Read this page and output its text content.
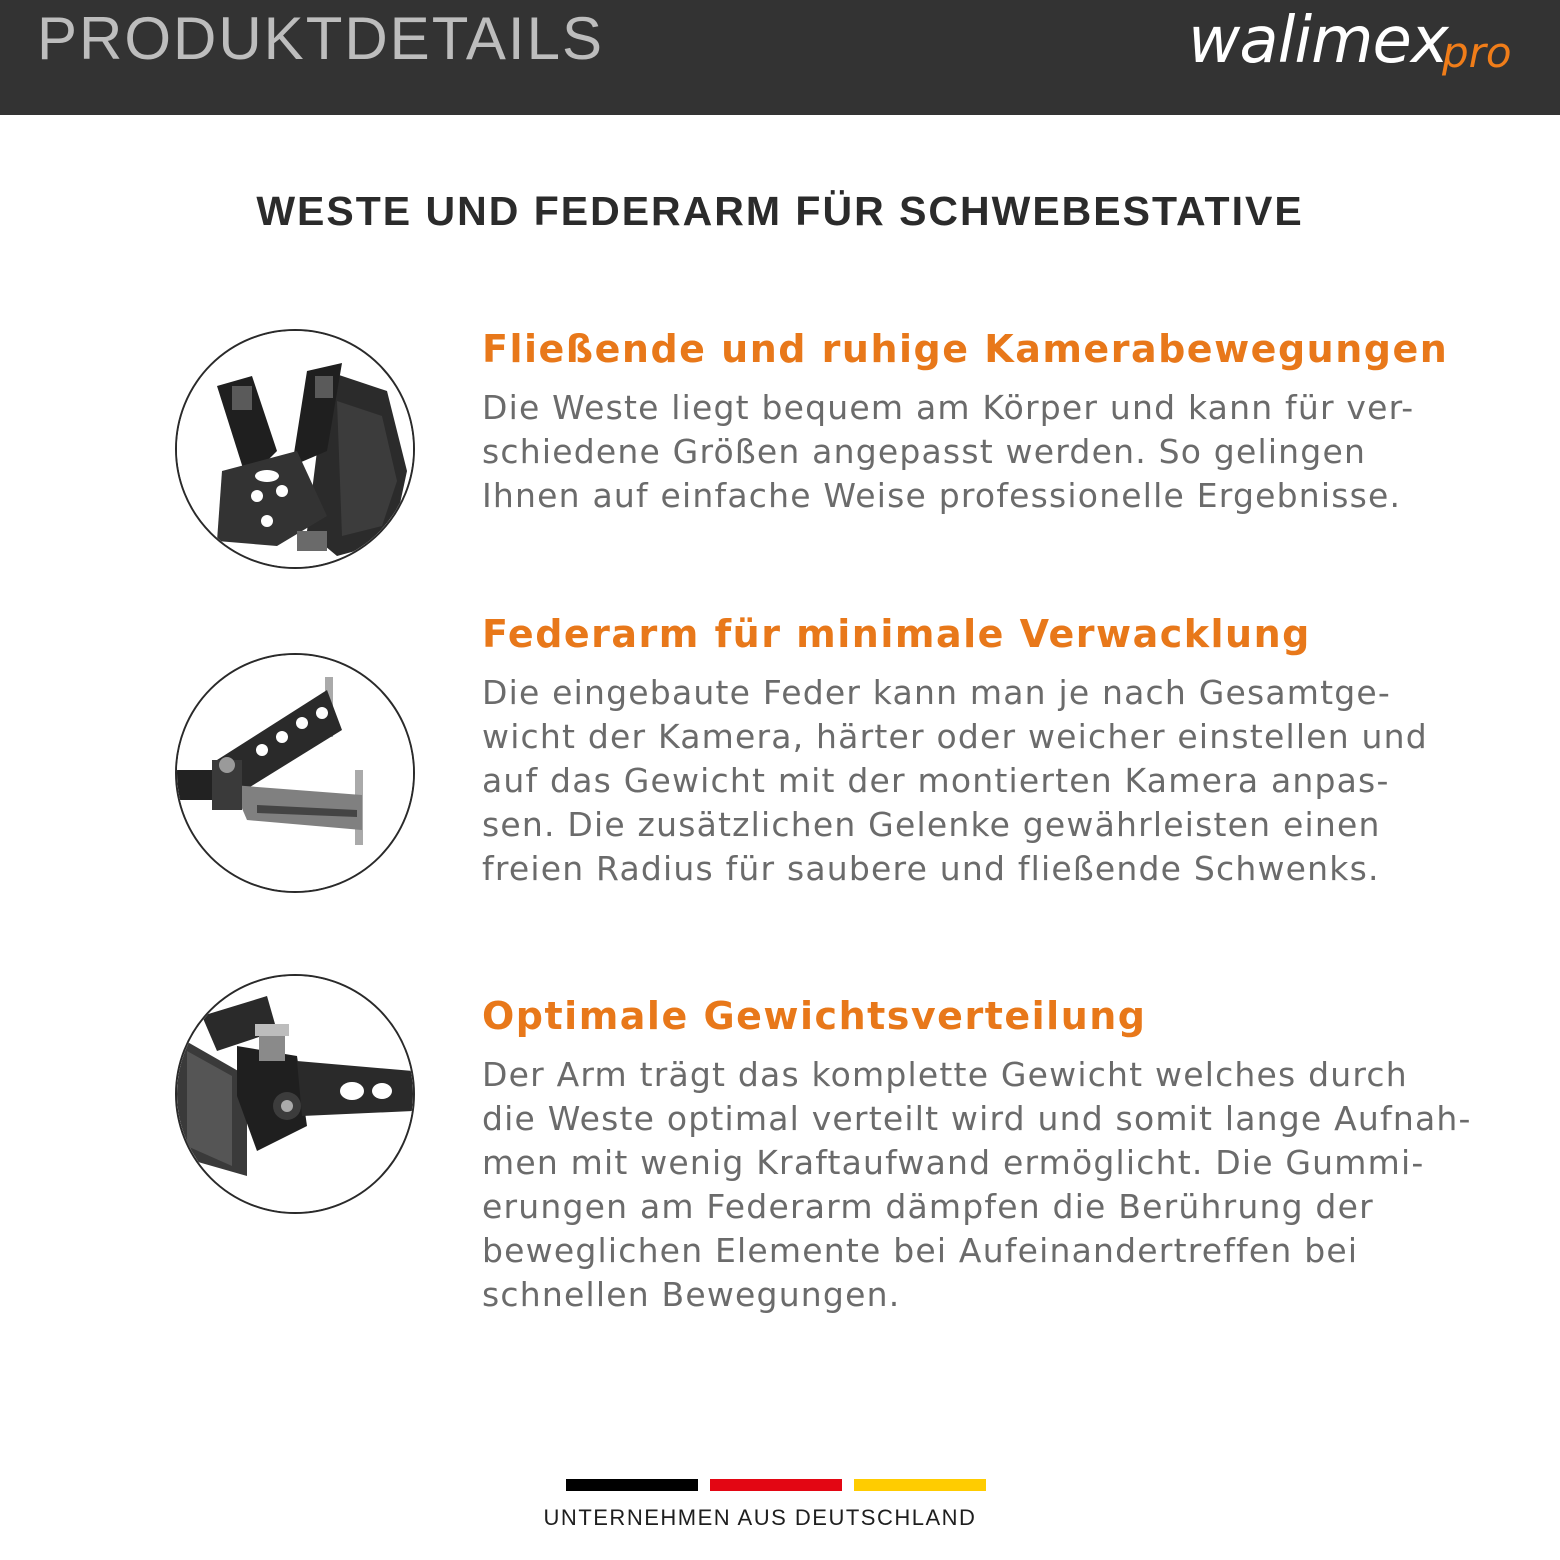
PRODUKTDETAILS	walimex
pro
WESTE UND FEDERARM FÜR SCHWEBESTATIVE
Fließende und ruhige Kamerabewegungen
Die Weste liegt bequem am Körper und kann für ver-
schiedene Größen angepasst werden. So gelingen
Ihnen auf einfache Weise professionelle Ergebnisse.
Federarm für minimale Verwacklung
Die eingebaute Feder kann man je nach Gesamtge-
wicht der Kamera, härter oder weicher einstellen und
auf das Gewicht mit der montierten Kamera anpas-
sen. Die zusätzlichen Gelenke gewährleisten einen
freien Radius für saubere und fließende Schwenks.
Optimale Gewichtsverteilung
Der Arm trägt das komplette Gewicht welches durch
die Weste optimal verteilt wird und somit lange Aufnah-
men mit wenig Kraftaufwand ermöglicht. Die Gummi-
erungen am Federarm dämpfen die Berührung der
beweglichen Elemente bei Aufeinandertreffen bei
schnellen Bewegungen.
UNTERNEHMEN AUS DEUTSCHLAND
